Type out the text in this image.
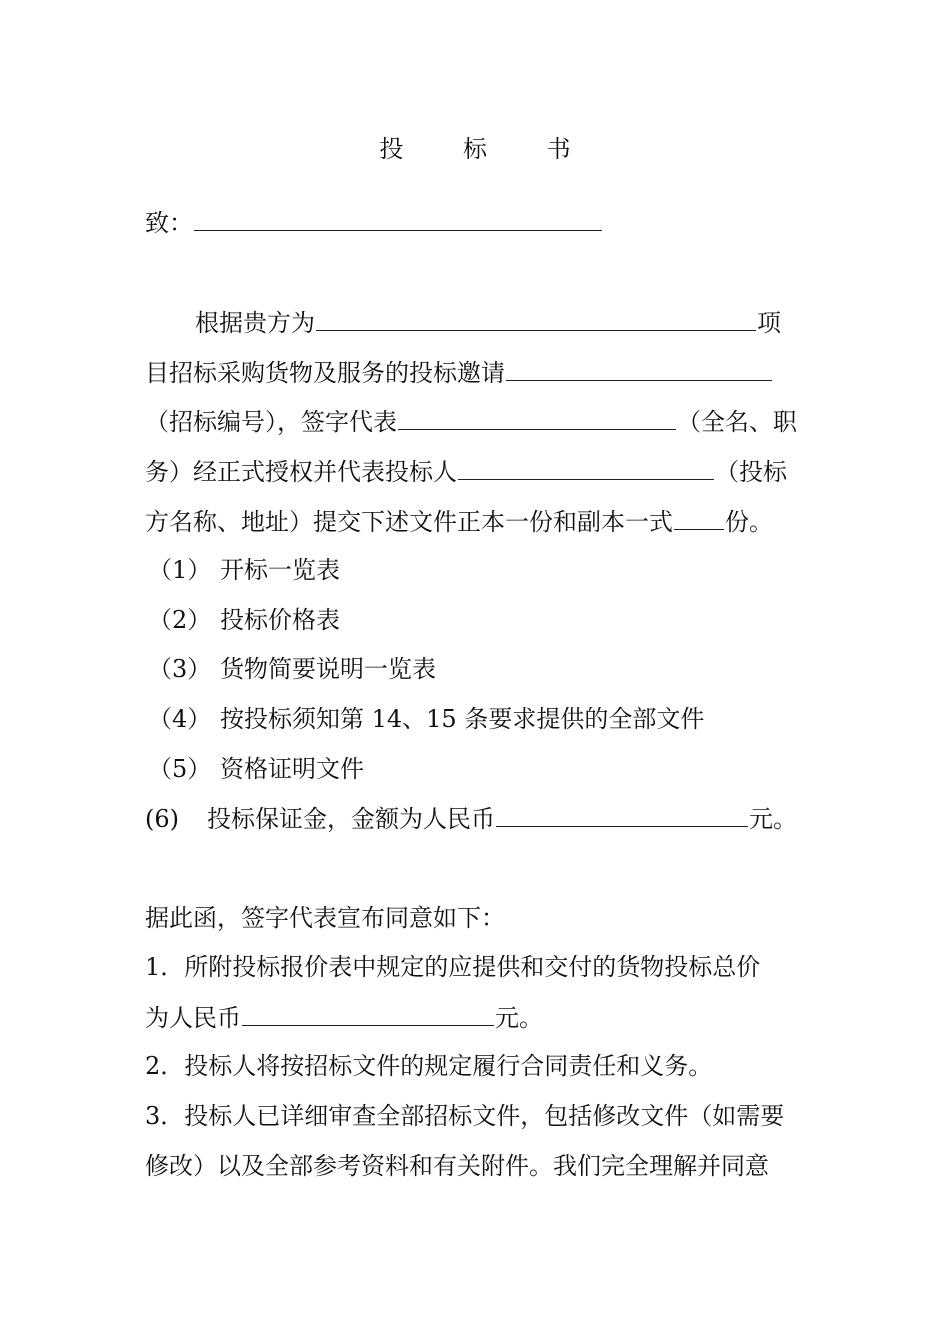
投 标 书
致：
根据贵方为	项
目招标采购货物及服务的投标邀请
（招标编号），签字代表	（全名、职
务）经正式授权并代表投标人	（投标
方名称、地址）提交下述文件正本一份和副本一式 份。
（1） 开标一览表
（2） 投标价格表
（3） 货物简要说明一览表
（4） 按投标须知第 14、15 条要求提供的全部文件
（5） 资格证明文件
(6) 投标保证金，金额为人民币	元。
据此函，签字代表宣布同意如下：
1．所附投标报价表中规定的应提供和交付的货物投标总价
为人民币	元。
2．投标人将按招标文件的规定履行合同责任和义务。
3．投标人已详细审查全部招标文件，包括修改文件（如需要
修改）以及全部参考资料和有关附件。我们完全理解并同意
